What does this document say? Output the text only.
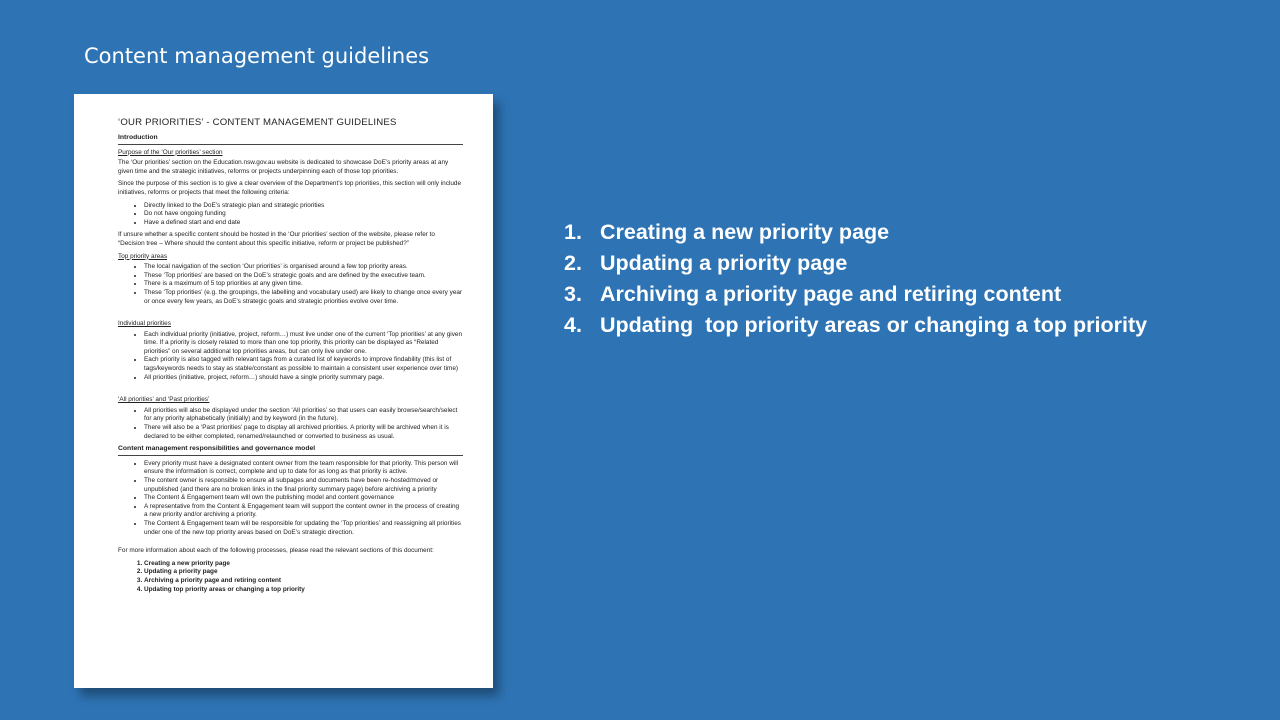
Content management guidelines
‘OUR PRIORITIES’ - CONTENT MANAGEMENT GUIDELINES
Introduction
Purpose of the ‘Our priorities’ section

The ‘Our priorities’ section on the Education.nsw.gov.au website is dedicated to showcase DoE’s priority areas at any given time and the strategic initiatives, reforms or projects underpinning each of those top priorities.

Since the purpose of this section is to give a clear overview of the Department’s top priorities, this section will only include initiatives, reforms or projects that meet the following criteria:

• Directly linked to the DoE’s strategic plan and strategic priorities
• Do not have ongoing funding
• Have a defined start and end date

If unsure whether a specific content should be hosted in the ‘Our priorities’ section of the website, please refer to “Decision tree – Where should the content about this specific initiative, reform or project be published?”

Top priority areas
• The local navigation of the section ‘Our priorities’ is organised around a few top priority areas.
• These ‘Top priorities’ are based on the DoE’s strategic goals and are defined by the executive team.
• There is a maximum of 5 top priorities at any given time.
• These ‘Top priorities’ (e.g. the groupings, the labelling and vocabulary used) are likely to change once every year or once every few years, as DoE’s strategic goals and strategic priorities evolve over time.
Individual priorities
• Each individual priority (initiative, project, reform…) must live under one of the current ‘Top priorities’ at any given time. If a priority is closely related to more than one top priority, this priority can be displayed as “Related priorities” on several additional top priorities areas, but can only live under one.
• Each priority is also tagged with relevant tags from a curated list of keywords to improve findability (this list of tags/keywords needs to stay as stable/constant as possible to maintain a consistent user experience over time)
• All priorities (initiative, project, reform…) should have a single priority summary page.
‘All priorities’ and ‘Past priorities’
• All priorities will also be displayed under the section ‘All priorities’ so that users can easily browse/search/select for any priority alphabetically (initially) and by keyword (in the future).
• There will also be a ‘Past priorities’ page to display all archived priorities. A priority will be archived when it is declared to be either completed, renamed/relaunched or converted to business as usual.
Content management responsibilities and governance model
• Every priority must have a designated content owner from the team responsible for that priority. This person will ensure the information is correct, complete and up to date for as long as that priority is active.
• The content owner is responsible to ensure all subpages and documents have been re-hosted/moved or unpublished (and there are no broken links in the final priority summary page) before archiving a priority
• The Content & Engagement team will own the publishing model and content governance
• A representative from the Content & Engagement team will support the content owner in the process of creating a new priority and/or archiving a priority.
• The Content & Engagement team will be responsible for updating the ‘Top priorities’ and reassigning all priorities under one of the new top priority areas based on DoE’s strategic direction.

For more information about each of the following processes, please read the relevant sections of this document:

1. Creating a new priority page
2. Updating a priority page
3. Archiving a priority page and retiring content
4. Updating top priority areas or changing a top priority
1. Creating a new priority page
2. Updating a priority page
3. Archiving a priority page and retiring content
4. Updating  top priority areas or changing a top priority
